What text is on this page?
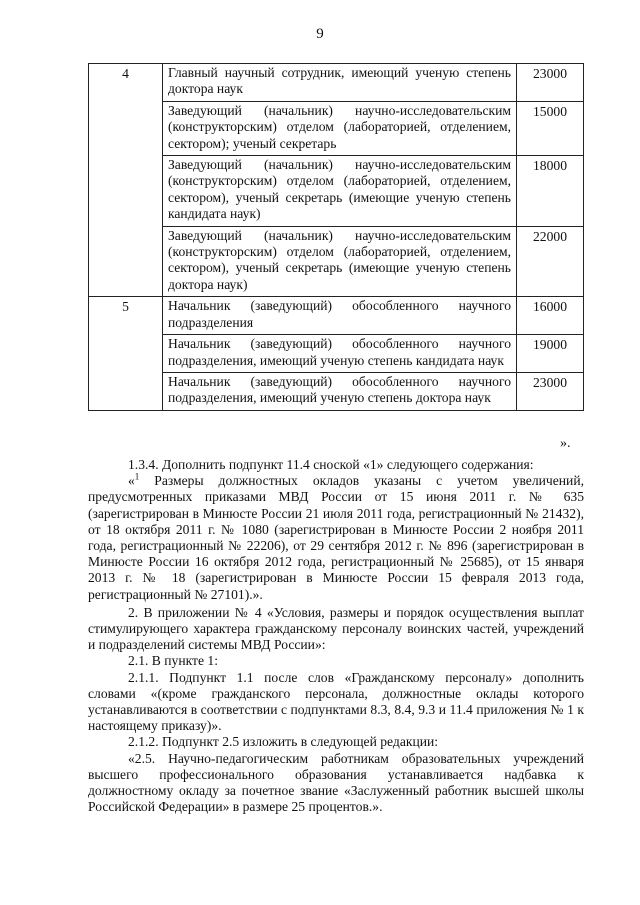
9
4	Главный научный сотрудник, имеющий ученую степень доктора наук	23000
	Заведующий (начальник) научно-исследовательским (конструкторским) отделом (лабораторией, отделением, сектором); ученый секретарь	15000
	Заведующий (начальник) научно-исследовательским (конструкторским) отделом (лабораторией, отделением, сектором), ученый секретарь (имеющие ученую степень кандидата наук)	18000
	Заведующий (начальник) научно-исследовательским (конструкторским) отделом (лабораторией, отделением, сектором), ученый секретарь (имеющие ученую степень доктора наук)	22000
5	Начальник (заведующий) обособленного научного подразделения	16000
	Начальник (заведующий) обособленного научного подразделения, имеющий ученую степень кандидата наук	19000
	Начальник (заведующий) обособленного научного подразделения, имеющий ученую степень доктора наук	23000
».

1.3.4. Дополнить подпункт 11.4 сноской «1» следующего содержания:

«$^1$ Размеры должностных окладов указаны с учетом увеличений, предусмотренных приказами МВД России от 15 июня 2011 г. № 635 (зарегистрирован в Минюсте России 21 июля 2011 года, регистрационный № 21432), от 18 октября 2011 г. № 1080 (зарегистрирован в Минюсте России 2 ноября 2011 года, регистрационный № 22206), от 29 сентября 2012 г. № 896 (зарегистрирован в Минюсте России 16 октября 2012 года, регистрационный № 25685), от 15 января 2013 г. № 18 (зарегистрирован в Минюсте России 15 февраля 2013 года, регистрационный № 27101).».

2. В приложении № 4 «Условия, размеры и порядок осуществления выплат стимулирующего характера гражданскому персоналу воинских частей, учреждений и подразделений системы МВД России»:

2.1. В пункте 1:

2.1.1. Подпункт 1.1 после слов «Гражданскому персоналу» дополнить словами «(кроме гражданского персонала, должностные оклады которого устанавливаются в соответствии с подпунктами 8.3, 8.4, 9.3 и 11.4 приложения № 1 к настоящему приказу)».

2.1.2. Подпункт 2.5 изложить в следующей редакции:

«2.5. Научно-педагогическим работникам образовательных учреждений высшего профессионального образования устанавливается надбавка к должностному окладу за почетное звание «Заслуженный работник высшей школы Российской Федерации» в размере 25 процентов.».
